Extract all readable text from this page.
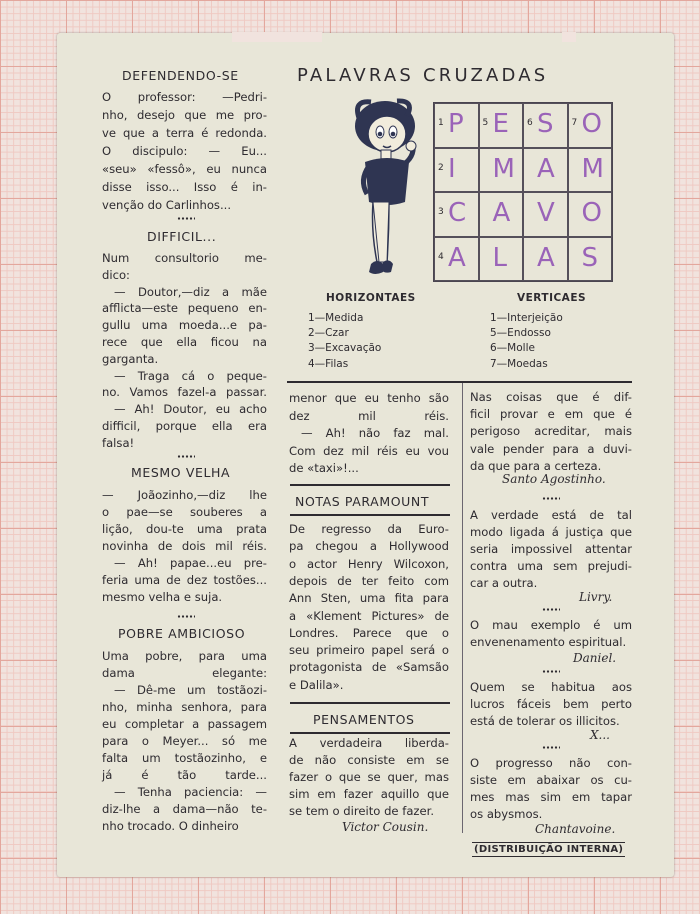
PALAVRAS CRUZADAS
1 P 5 E 6 S 7 O
2 I M A M
3 C A V O
4 A L A S
HORIZONTAES	VERTICAES
1—Medida
2—Czar
3—Excavação
4—Filas
1—Interjeição
5—Endosso
6—Molle
7—Moedas
DEFENDENDO-SE
O professor: —Pedri-
nho, desejo que me pro-
ve que a terra é redonda.
O discipulo: — Eu...
«seu» «fessô», eu nunca
disse isso... Isso é in-
venção do Carlinhos...
DIFFICIL...
Num consultorio me-
dico:
— Doutor,—diz a mãe
afflicta—este pequeno en-
gullu uma moeda...e pa-
rece que ella ficou na
garganta.
— Traga cá o peque-
no. Vamos fazel-a passar.
— Ah! Doutor, eu acho
difficil, porque ella era
falsa!
MESMO VELHA
— Joãozinho,—diz lhe
o pae—se souberes a
lição, dou-te uma prata
novinha de dois mil réis.
— Ah! papae...eu pre-
feria uma de dez tostões...
mesmo velha e suja.
POBRE AMBICIOSO
Uma pobre, para uma
dama elegante:
— Dê-me um tostãozi-
nho, minha senhora, para
eu completar a passagem
para o Meyer... só me
falta um tostãozinho, e
já é tão tarde...
— Tenha paciencia: —
diz-lhe a dama—não te-
nho trocado. O dinheiro
menor que eu tenho são
dez mil réis.
— Ah! não faz mal.
Com dez mil réis eu vou
de «taxi»!...
NOTAS PARAMOUNT
De regresso da Euro-
pa chegou a Hollywood
o actor Henry Wilcoxon,
depois de ter feito com
Ann Sten, uma fita para
a «Klement Pictures» de
Londres. Parece que o
seu primeiro papel será o
protagonista de «Samsão
e Dalila».
PENSAMENTOS
A verdadeira liberda-
de não consiste em se
fazer o que se quer, mas
sim em fazer aquillo que
se tem o direito de fazer.
Victor Cousin.
Nas coisas que é dif-
ficil provar e em que é
perigoso acreditar, mais
vale pender para a duvi-
da que para a certeza.
Santo Agostinho.
A verdade está de tal
modo ligada á justiça que
seria impossivel attentar
contra uma sem prejudi-
car a outra.
Livry.
O mau exemplo é um
envenenamento espiritual.
Daniel.
Quem se habitua aos
lucros fáceis bem perto
está de tolerar os illicitos.
X...
O progresso não con-
siste em abaixar os cu-
mes mas sim em tapar
os abysmos.
Chantavoine.
(DISTRIBUIÇÃO INTERNA)
